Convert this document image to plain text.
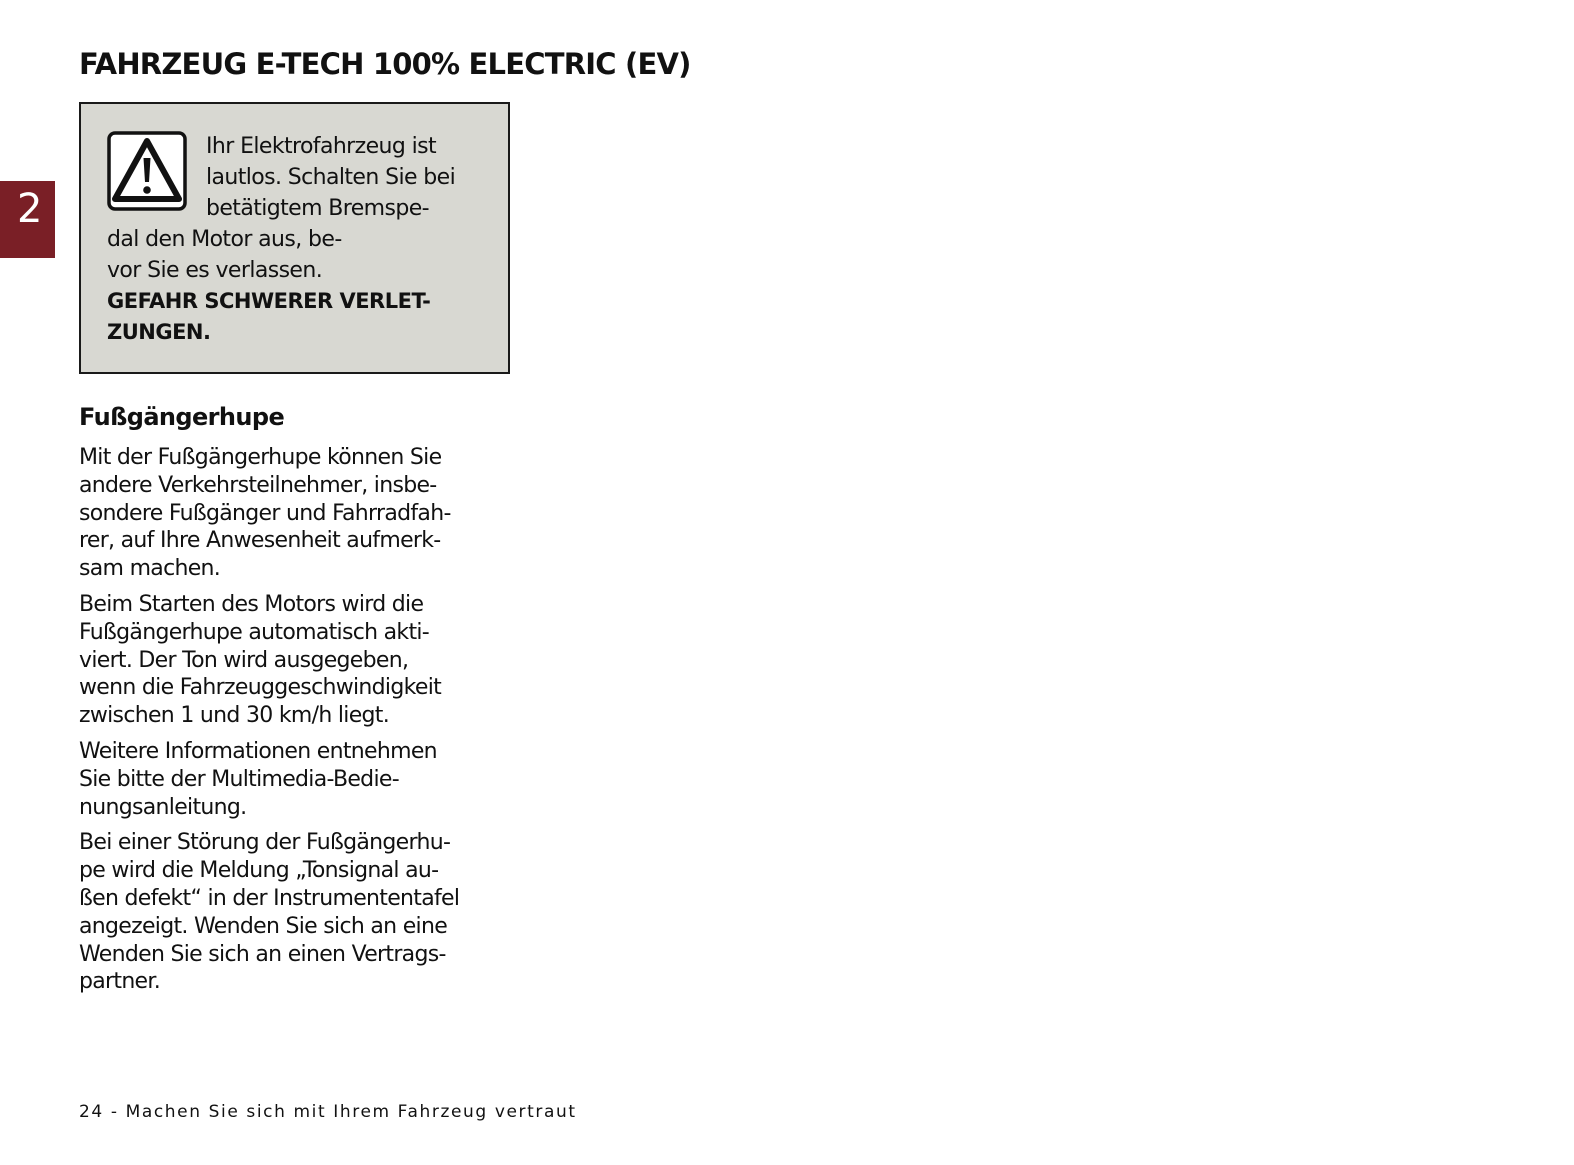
2
FAHRZEUG E-TECH 100% ELECTRIC (EV)
Ihr Elektrofahrzeug ist
lautlos. Schalten Sie bei
betätigtem Bremspe-
dal den Motor aus, be-
vor Sie es verlassen.
GEFAHR SCHWERER VERLET-
ZUNGEN.
Fußgängerhupe

Mit der Fußgängerhupe können Sie
andere Verkehrsteilnehmer, insbe-
sondere Fußgänger und Fahrradfah-
rer, auf Ihre Anwesenheit aufmerk-
sam machen.

Beim Starten des Motors wird die
Fußgängerhupe automatisch akti-
viert. Der Ton wird ausgegeben,
wenn die Fahrzeuggeschwindigkeit
zwischen 1 und 30 km/h liegt.

Weitere Informationen entnehmen
Sie bitte der Multimedia-Bedie-
nungsanleitung.

Bei einer Störung der Fußgängerhu-
pe wird die Meldung „Tonsignal au-
ßen defekt“ in der Instrumententafel
angezeigt. Wenden Sie sich an eine
Wenden Sie sich an einen Vertrags-
partner.

24 - Machen Sie sich mit Ihrem Fahrzeug vertraut
